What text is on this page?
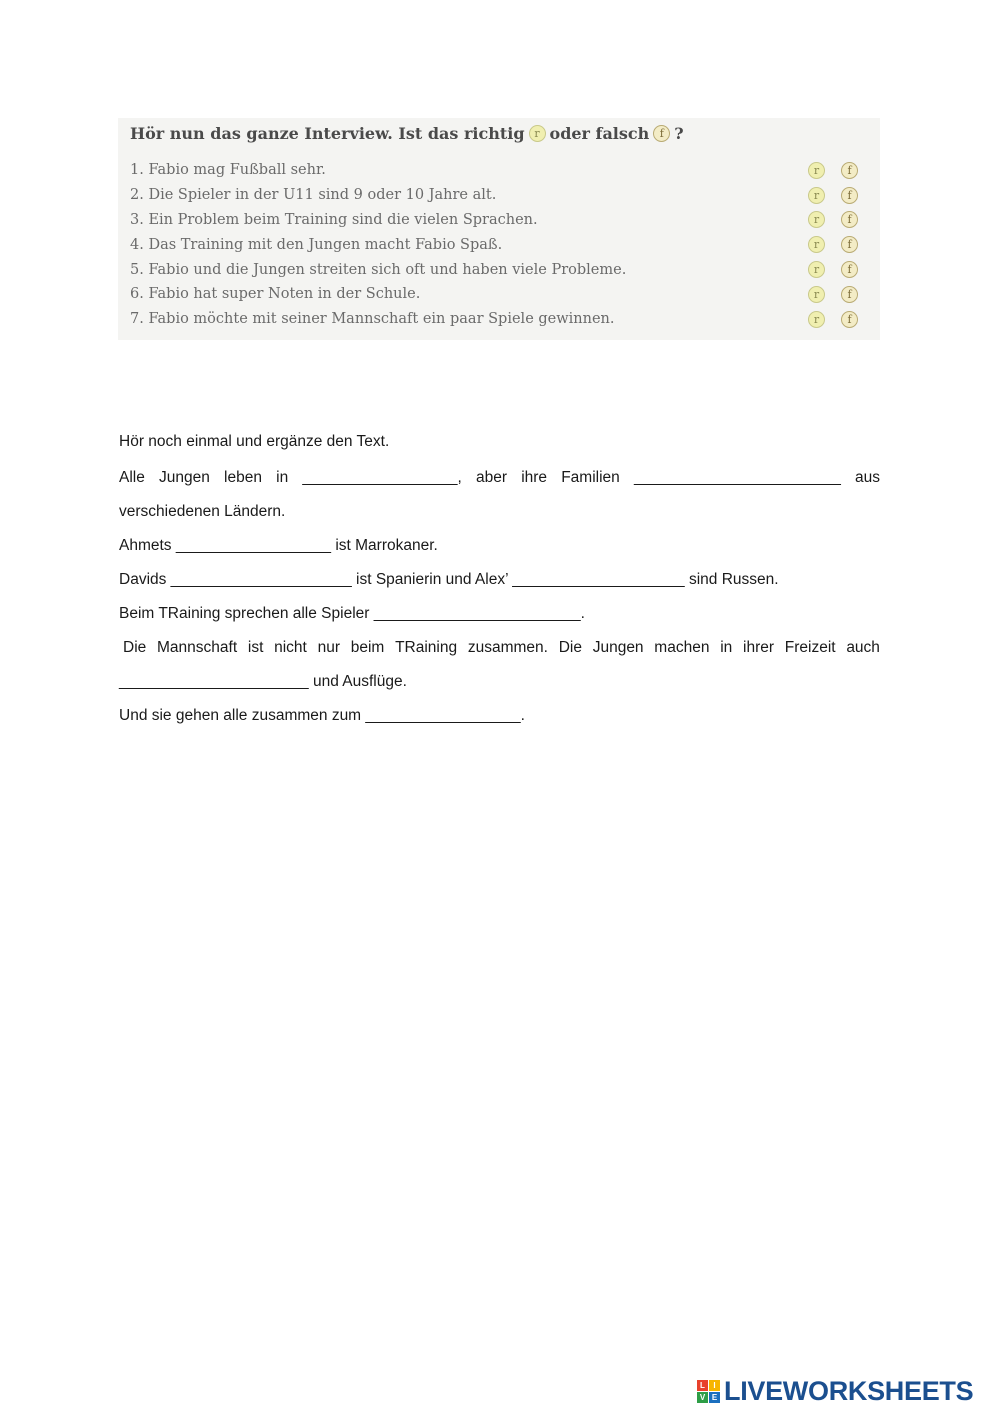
Hör nun das ganze Interview. Ist das richtig r oder falsch f ?
1. Fabio mag Fußball sehr.	r	f
2. Die Spieler in der U11 sind 9 oder 10 Jahre alt.	r	f
3. Ein Problem beim Training sind die vielen Sprachen.	r	f
4. Das Training mit den Jungen macht Fabio Spaß.	r	f
5. Fabio und die Jungen streiten sich oft und haben viele Probleme.	r	f
6. Fabio hat super Noten in der Schule.	r	f
7. Fabio möchte mit seiner Mannschaft ein paar Spiele gewinnen.	r	f
Hör noch einmal und ergänze den Text.
Alle Jungen leben in __________________, aber ihre Familien ________________________ aus
verschiedenen Ländern.
Ahmets __________________ ist Marrokaner.
Davids _____________________ ist Spanierin und Alex’ ____________________ sind Russen.
Beim TRaining sprechen alle Spieler ________________________.
Die Mannschaft ist nicht nur beim TRaining zusammen. Die Jungen machen in ihrer Freizeit auch
______________________ und Ausflüge.
Und sie gehen alle zusammen zum __________________.
L	I
V E LIVEWORKSHEETS
